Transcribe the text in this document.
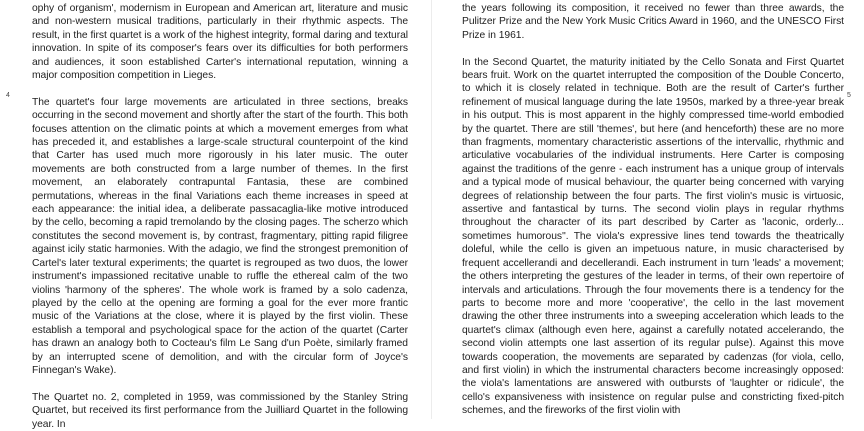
4

ophy of organism', modernism in European and American art, literature and music and non-western musical traditions, particularly in their rhythmic aspects. The result, in the first quartet is a work of the highest integrity, formal daring and textural innovation. In spite of its composer's fears over its difficulties for both performers and audiences, it soon established Carter's international reputation, winning a major composition competition in Lieges.

The quartet's four large movements are articulated in three sections, breaks occurring in the second movement and shortly after the start of the fourth. This both focuses attention on the climatic points at which a movement emerges from what has preceded it, and establishes a large-scale structural counterpoint of the kind that Carter has used much more rigorously in his later music. The outer movements are both constructed from a large number of themes. In the first movement, an elaborately contrapuntal Fantasia, these are combined permutations, whereas in the final Variations each theme increases in speed at each appearance: the initial idea, a deliberate passacaglia-like motive introduced by the cello, becoming a rapid tremolando by the closing pages. The scherzo which constitutes the second movement is, by contrast, fragmentary, pitting rapid filigree against icily static harmonies. With the adagio, we find the strongest premonition of Cartel's later textural experiments; the quartet is regrouped as two duos, the lower instrument's impassioned recitative unable to ruffle the ethereal calm of the two violins 'harmony of the spheres'. The whole work is framed by a solo cadenza, played by the cello at the opening are forming a goal for the ever more frantic music of the Variations at the close, where it is played by the first violin. These establish a temporal and psychological space for the action of the quartet (Carter has drawn an analogy both to Cocteau's film Le Sang d'un Poète, similarly framed by an interrupted scene of demolition, and with the circular form of Joyce's Finnegan's Wake).

The Quartet no. 2, completed in 1959, was commissioned by the Stanley String Quartet, but received its first performance from the Juilliard Quartet in the following year. In

5

the years following its composition, it received no fewer than three awards, the Pulitzer Prize and the New York Music Critics Award in 1960, and the UNESCO First Prize in 1961.

In the Second Quartet, the maturity initiated by the Cello Sonata and First Quartet bears fruit. Work on the quartet interrupted the composition of the Double Concerto, to which it is closely related in technique. Both are the result of Carter's further refinement of musical language during the late 1950s, marked by a three-year break in his output. This is most apparent in the highly compressed time-world embodied by the quartet. There are still 'themes', but here (and henceforth) these are no more than fragments, momentary characteristic assertions of the intervallic, rhythmic and articulative vocabularies of the individual instruments. Here Carter is composing against the traditions of the genre - each instrument has a unique group of intervals and a typical mode of musical behaviour, the quarter being concerned with varying degrees of relationship between the four parts. The first violin's music is virtuosic, assertive and fantastical by turns. The second violin plays in regular rhythms throughout the character of its part described by Carter as 'laconic, orderly... sometimes humorous''. The viola's expressive lines tend towards the theatrically doleful, while the cello is given an impetuous nature, in music characterised by frequent accellerandi and decellerandi. Each instrument in turn 'leads' a movement; the others interpreting the gestures of the leader in terms, of their own repertoire of intervals and articulations. Through the four movements there is a tendency for the parts to become more and more 'cooperative', the cello in the last movement drawing the other three instruments into a sweeping acceleration which leads to the quartet's climax (although even here, against a carefully notated accelerando, the second violin attempts one last assertion of its regular pulse). Against this move towards cooperation, the movements are separated by cadenzas (for viola, cello, and first violin) in which the instrumental characters become increasingly opposed: the viola's lamentations are answered with outbursts of 'laughter or ridicule', the cello's expansiveness with insistence on regular pulse and constricting fixed-pitch schemes, and the fireworks of the first violin with
